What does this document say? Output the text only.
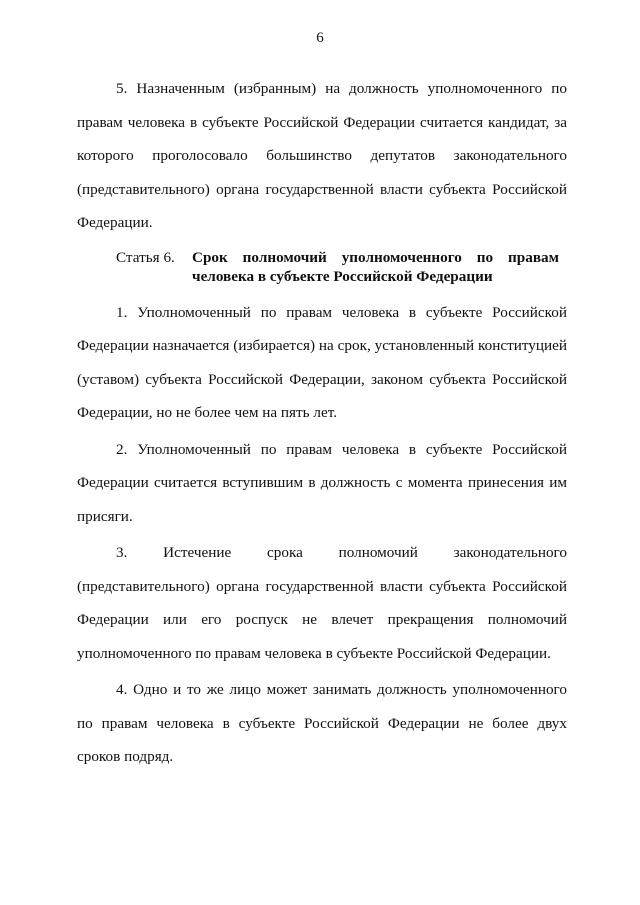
6

5. Назначенным (избранным) на должность уполномоченного по правам человека в субъекте Российской Федерации считается кандидат, за которого проголосовало большинство депутатов законодательного (представительного) органа государственной власти субъекта Российской Федерации.

Статья 6.	Срок полномочий уполномоченного по правам человека в субъекте Российской Федерации

1. Уполномоченный по правам человека в субъекте Российской Федерации назначается (избирается) на срок, установленный конституцией (уставом) субъекта Российской Федерации, законом субъекта Российской Федерации, но не более чем на пять лет.

2. Уполномоченный по правам человека в субъекте Российской Федерации считается вступившим в должность с момента принесения им присяги.

3. Истечение срока полномочий законодательного (представительного) органа государственной власти субъекта Российской Федерации или его роспуск не влечет прекращения полномочий уполномоченного по правам человека в субъекте Российской Федерации.

4. Одно и то же лицо может занимать должность уполномоченного по правам человека в субъекте Российской Федерации не более двух сроков подряд.
